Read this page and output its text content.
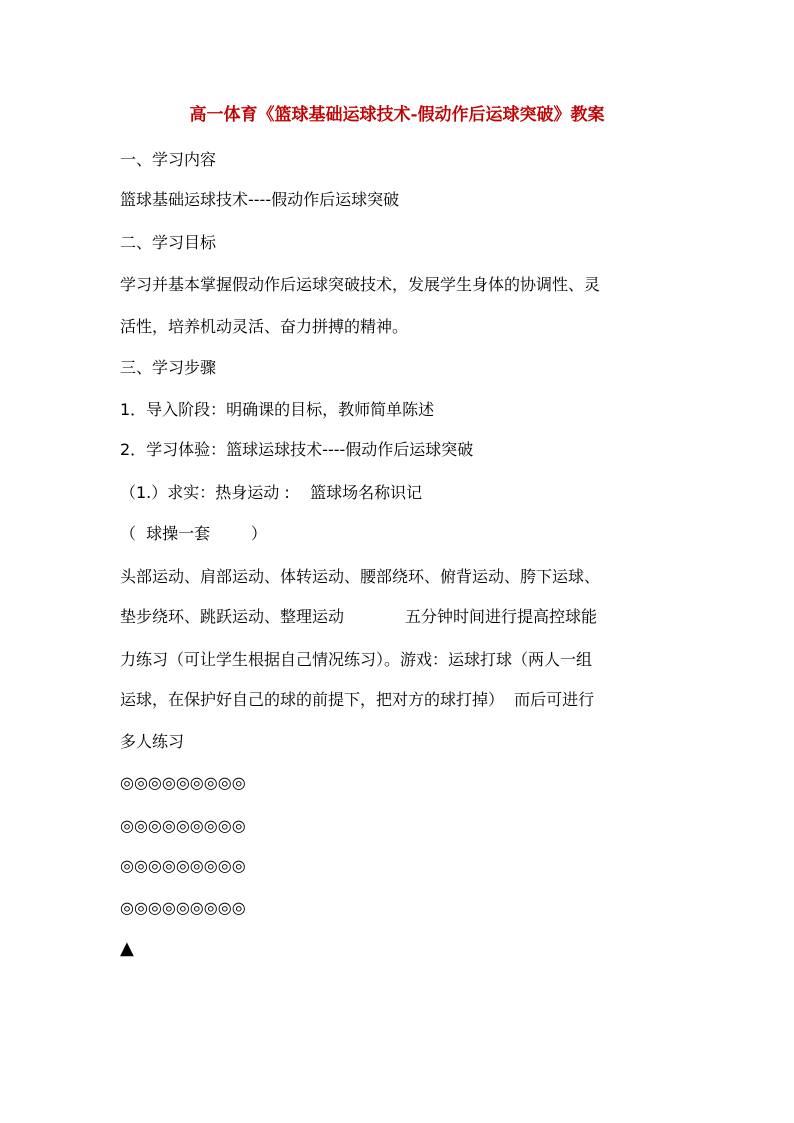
高一体育《篮球基础运球技术-假动作后运球突破》教案
一、学习内容
篮球基础运球技术----假动作后运球突破
二、学习目标
学习并基本掌握假动作后运球突破技术，发展学生身体的协调性、灵
活性，培养机动灵活、奋力拼搏的精神。
三、学习步骤
1．导入阶段：明确课的目标，教师简单陈述
2．学习体验：篮球运球技术----假动作后运球突破
（1.）求实：热身运动 :    篮球场名称识记
（  球操一套        ）
头部运动、肩部运动、体转运动、腰部绕环、俯背运动、胯下运球、
垫步绕环、跳跃运动、整理运动            五分钟时间进行提高控球能
力练习（可让学生根据自己情况练习）。游戏：运球打球（两人一组
运球，在保护好自己的球的前提下，把对方的球打掉）  而后可进行
多人练习
◎◎◎◎◎◎◎◎◎
◎◎◎◎◎◎◎◎◎
◎◎◎◎◎◎◎◎◎
◎◎◎◎◎◎◎◎◎
▲
